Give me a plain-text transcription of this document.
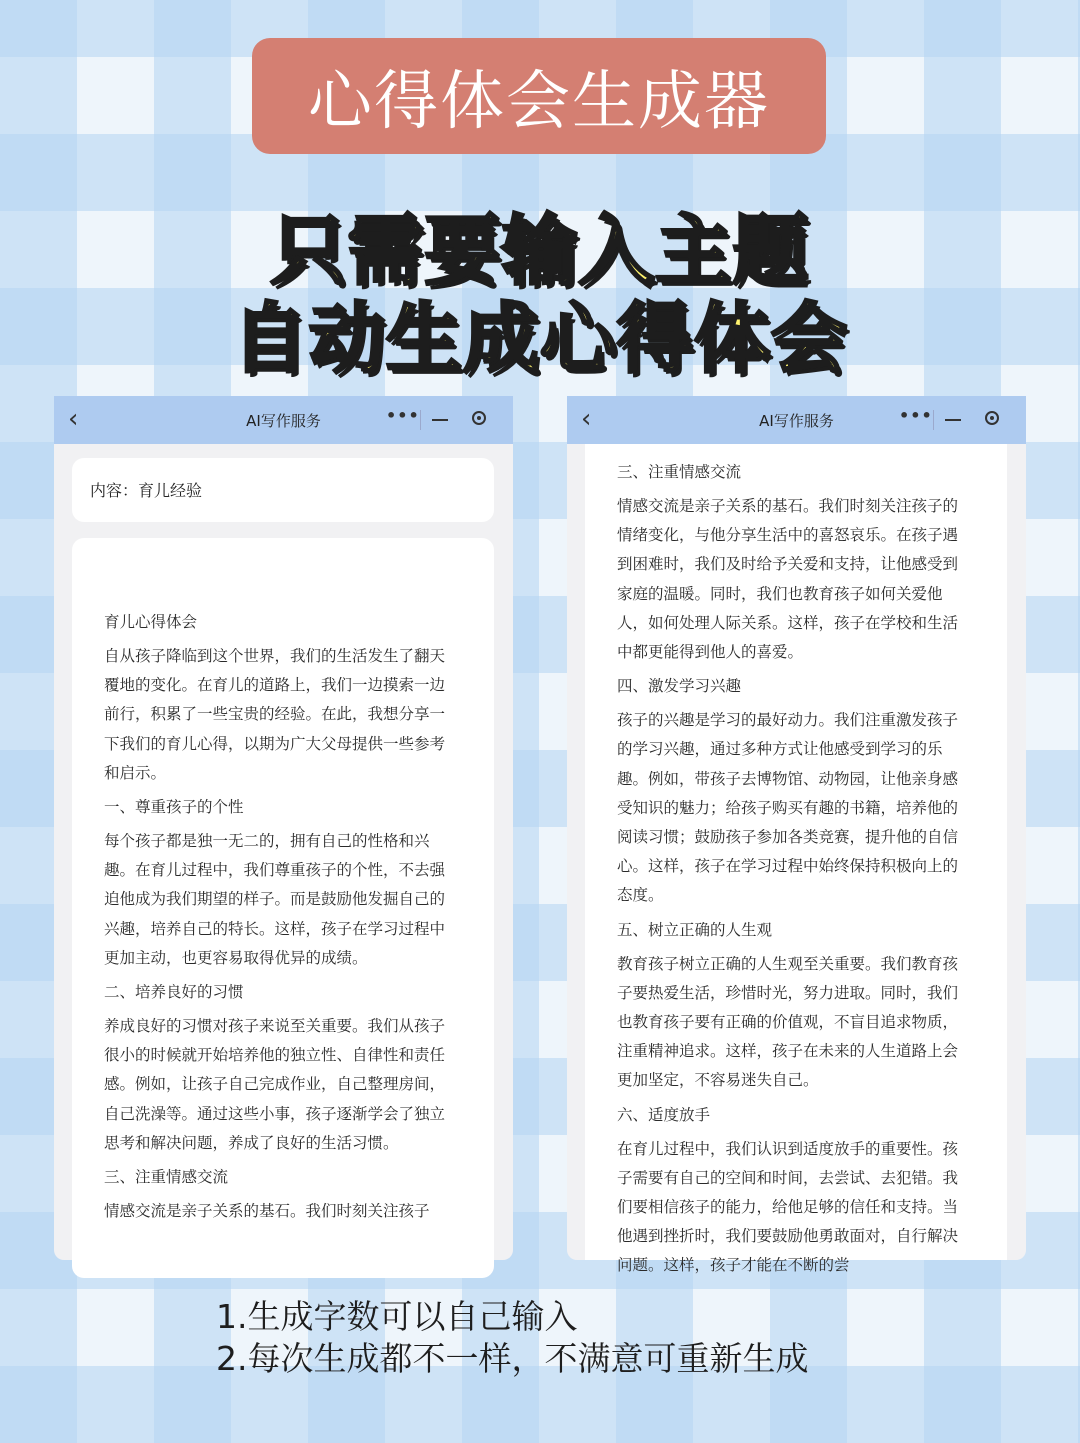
心得体会生成器
只需要输入主题
自动生成心得体会
‹	AI写作服务	•••
内容：育儿经验

育儿心得体会

自从孩子降临到这个世界，我们的生活发生了翻天覆地的变化。在育儿的道路上，我们一边摸索一边前行，积累了一些宝贵的经验。在此，我想分享一下我们的育儿心得，以期为广大父母提供一些参考和启示。

一、尊重孩子的个性

每个孩子都是独一无二的，拥有自己的性格和兴趣。在育儿过程中，我们尊重孩子的个性，不去强迫他成为我们期望的样子。而是鼓励他发掘自己的兴趣，培养自己的特长。这样，孩子在学习过程中更加主动，也更容易取得优异的成绩。

二、培养良好的习惯

养成良好的习惯对孩子来说至关重要。我们从孩子很小的时候就开始培养他的独立性、自律性和责任感。例如，让孩子自己完成作业，自己整理房间，自己洗澡等。通过这些小事，孩子逐渐学会了独立思考和解决问题，养成了良好的生活习惯。

三、注重情感交流

情感交流是亲子关系的基石。我们时刻关注孩子

‹	AI写作服务	•••

三、注重情感交流

情感交流是亲子关系的基石。我们时刻关注孩子的情绪变化，与他分享生活中的喜怒哀乐。在孩子遇到困难时，我们及时给予关爱和支持，让他感受到家庭的温暖。同时，我们也教育孩子如何关爱他人，如何处理人际关系。这样，孩子在学校和生活中都更能得到他人的喜爱。

四、激发学习兴趣

孩子的兴趣是学习的最好动力。我们注重激发孩子的学习兴趣，通过多种方式让他感受到学习的乐趣。例如，带孩子去博物馆、动物园，让他亲身感受知识的魅力；给孩子购买有趣的书籍，培养他的阅读习惯；鼓励孩子参加各类竞赛，提升他的自信心。这样，孩子在学习过程中始终保持积极向上的态度。

五、树立正确的人生观

教育孩子树立正确的人生观至关重要。我们教育孩子要热爱生活，珍惜时光，努力进取。同时，我们也教育孩子要有正确的价值观，不盲目追求物质，注重精神追求。这样，孩子在未来的人生道路上会更加坚定，不容易迷失自己。

六、适度放手

在育儿过程中，我们认识到适度放手的重要性。孩子需要有自己的空间和时间，去尝试、去犯错。我们要相信孩子的能力，给他足够的信任和支持。当他遇到挫折时，我们要鼓励他勇敢面对，自行解决问题。这样，孩子才能在不断的尝

1.生成字数可以自己输入
2.每次生成都不一样，不满意可重新生成
